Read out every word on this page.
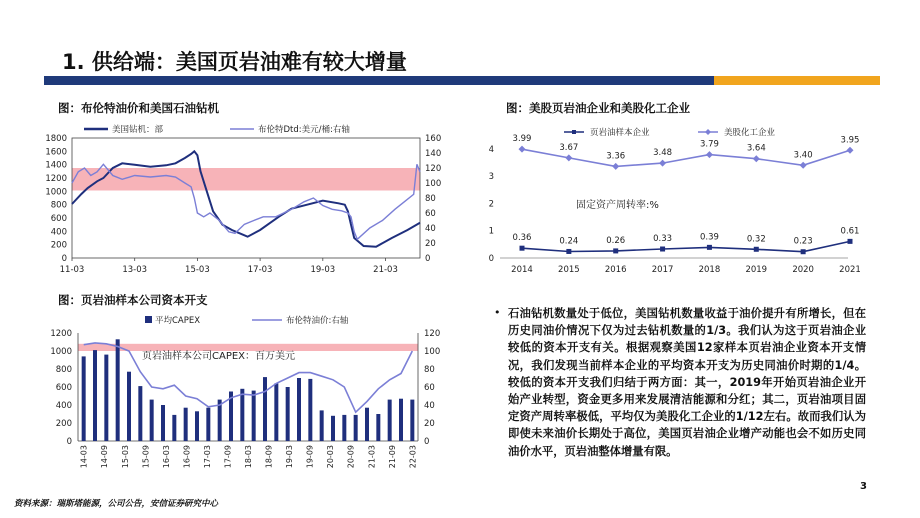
1. 供给端：美国页岩油难有较大增量
图：布伦特油价和美国石油钻机	图：美股页岩油企业和美股化工企业
图：页岩油样本公司资本开支
0
200
400
600
800
1000
1200
1400
1600
1800
0
20
40
60
80
100
120
140
160
11-03	13-03	15-03	17-03	19-03	21-03
美国钻机：部	布伦特Dtd:美元/桶:右轴
0
1
2
3
4
2014	2015	2016	2017	2018	2019	2020	2021
0.36	0.24	0.26	0.33	0.39	0.32	0.23
0.61
3.99
3.67
3.36	3.48
3.79	3.64
3.40
3.95
页岩油样本企业	美股化工企业
固定资产周转率:%
0
200
400
600
800
1000
1200
0
20
40
60
80
100
120
14-03 14-09 15-03 15-09 16-03 16-09 17-03 17-09 18-03 18-09 19-03 19-09 20-03 20-09 21-03 21-09 22-03
平均CAPEX	布伦特油价:右轴
页岩油样本公司CAPEX：百万美元
• 石油钻机数量处于低位，美国钻机数量收益于油价提升有所增长，但在历史同油价情况下仅为过去钻机数量的1/3。我们认为这于页岩油企业较低的资本开支有关。根据观察美国12家样本页岩油企业资本开支情况，我们发现当前样本企业的平均资本开支为历史同油价时期的1/4。较低的资本开支我们归结于两方面：其一，2019年开始页岩油企业开始产业转型，资金更多用来发展清洁能源和分红；其二，页岩油项目固定资产周转率极低，平均仅为美股化工企业的1/12左右。故而我们认为即使未来油价长期处于高位，美国页岩油企业增产动能也会不如历史同油价水平，页岩油整体增量有限。
资料来源：瑞斯塔能源，公司公告，安信证券研究中心
3
